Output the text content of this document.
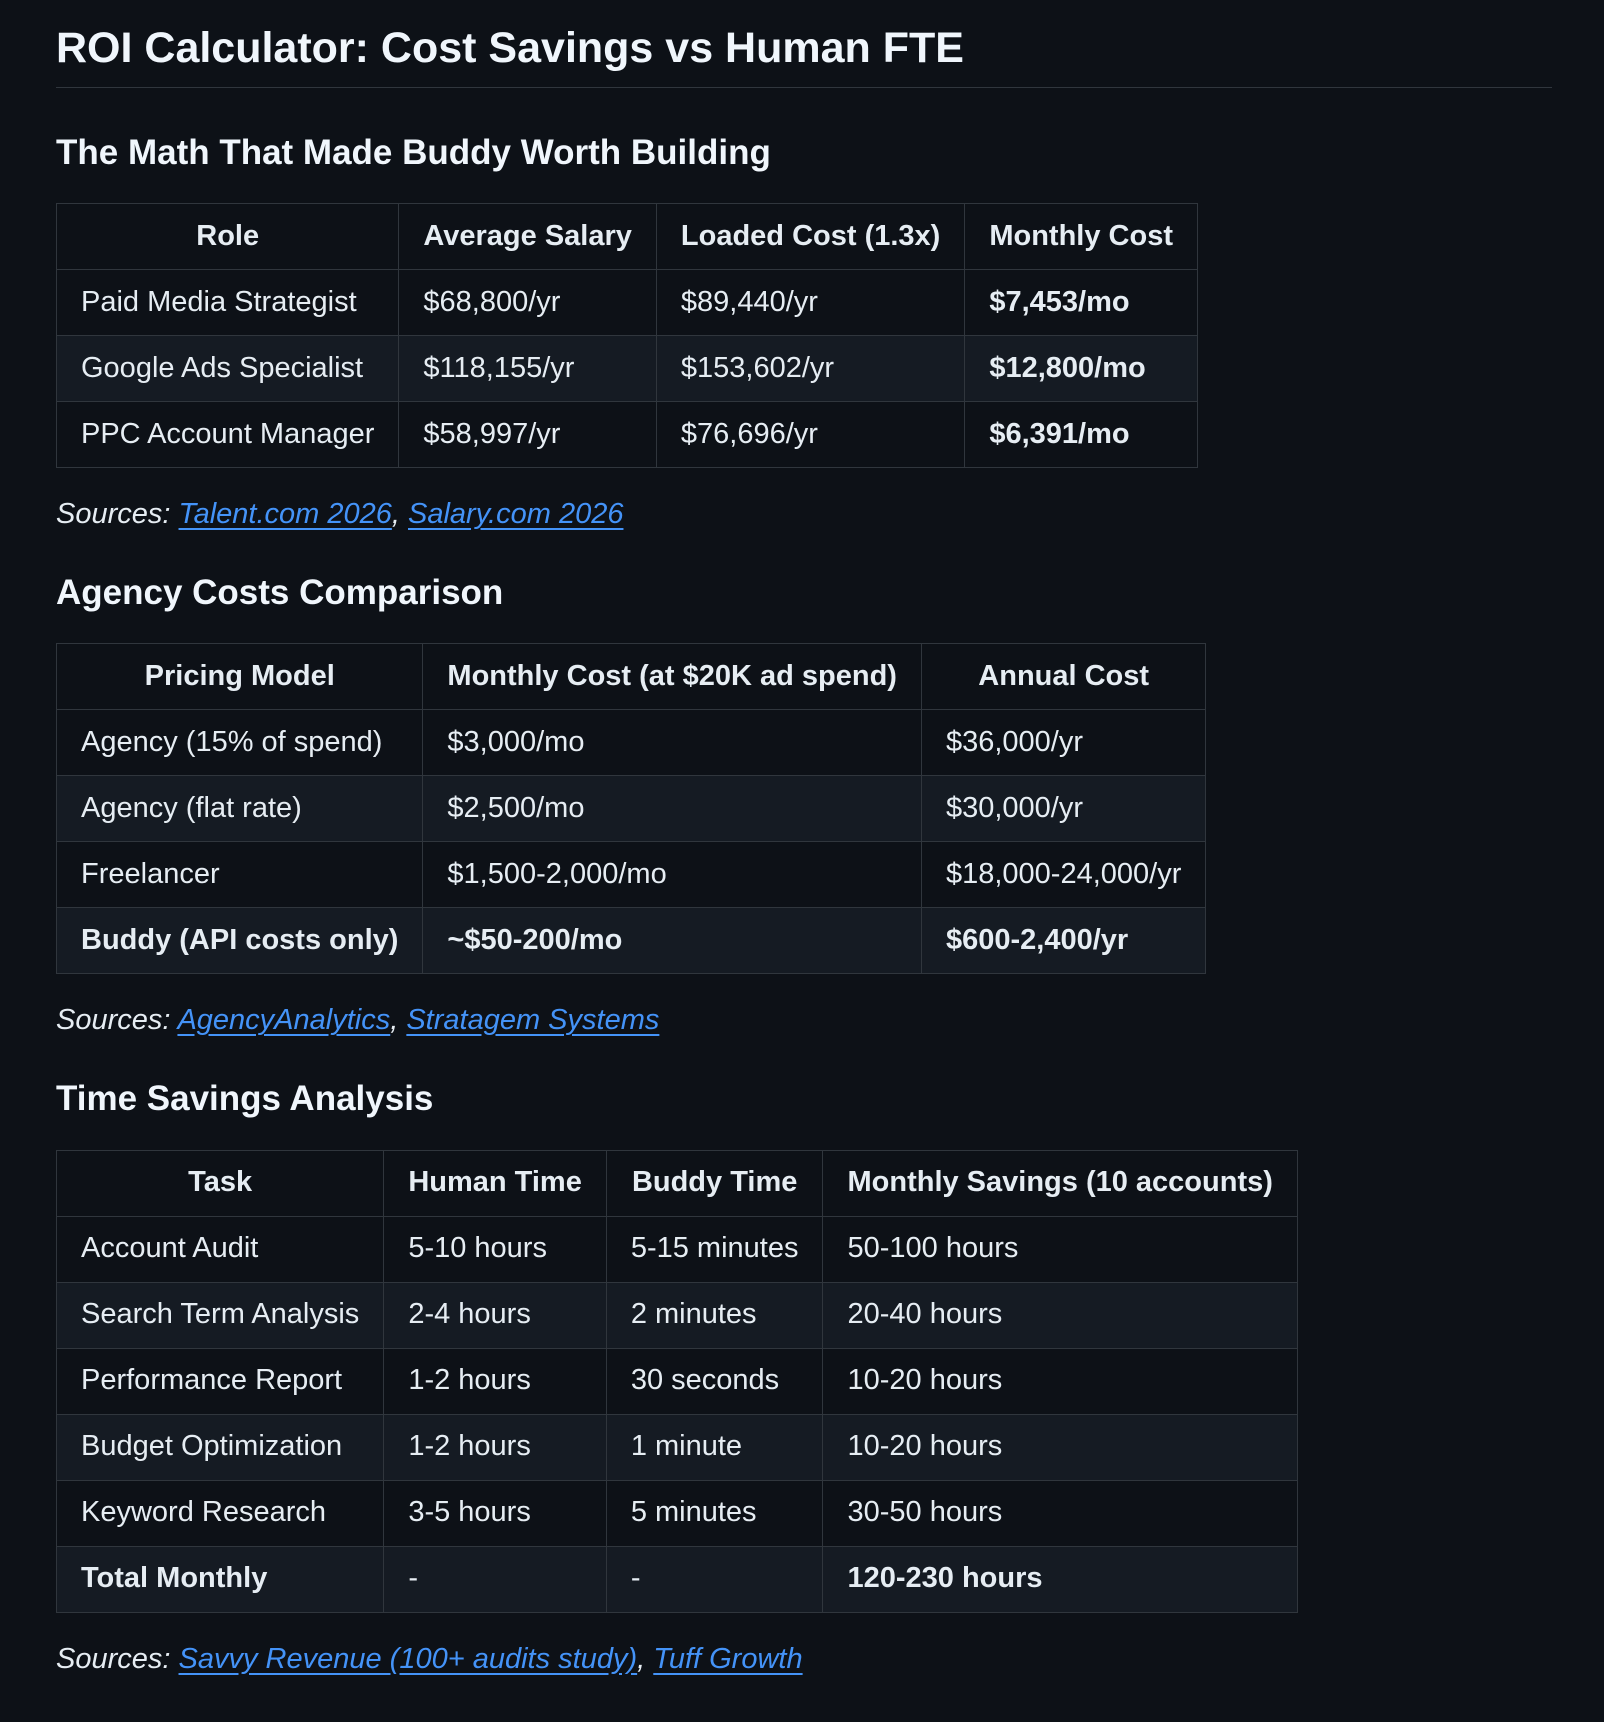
ROI Calculator: Cost Savings vs Human FTE
The Math That Made Buddy Worth Building
Role	Average Salary	Loaded Cost (1.3x)	Monthly Cost
Paid Media Strategist	$68,800/yr	$89,440/yr	$7,453/mo
Google Ads Specialist	$118,155/yr	$153,602/yr	$12,800/mo
PPC Account Manager	$58,997/yr	$76,696/yr	$6,391/mo

Sources: Talent.com 2026, Salary.com 2026

Agency Costs Comparison
Pricing Model	Monthly Cost (at $20K ad spend)	Annual Cost
Agency (15% of spend)	$3,000/mo	$36,000/yr
Agency (flat rate)	$2,500/mo	$30,000/yr
Freelancer	$1,500-2,000/mo	$18,000-24,000/yr
Buddy (API costs only)	~$50-200/mo	$600-2,400/yr

Sources: AgencyAnalytics, Stratagem Systems

Time Savings Analysis
Task	Human Time	Buddy Time	Monthly Savings (10 accounts)
Account Audit	5-10 hours	5-15 minutes	50-100 hours
Search Term Analysis	2-4 hours	2 minutes	20-40 hours
Performance Report	1-2 hours	30 seconds	10-20 hours
Budget Optimization	1-2 hours	1 minute	10-20 hours
Keyword Research	3-5 hours	5 minutes	30-50 hours
Total Monthly	-	-	120-230 hours

Sources: Savvy Revenue (100+ audits study), Tuff Growth
